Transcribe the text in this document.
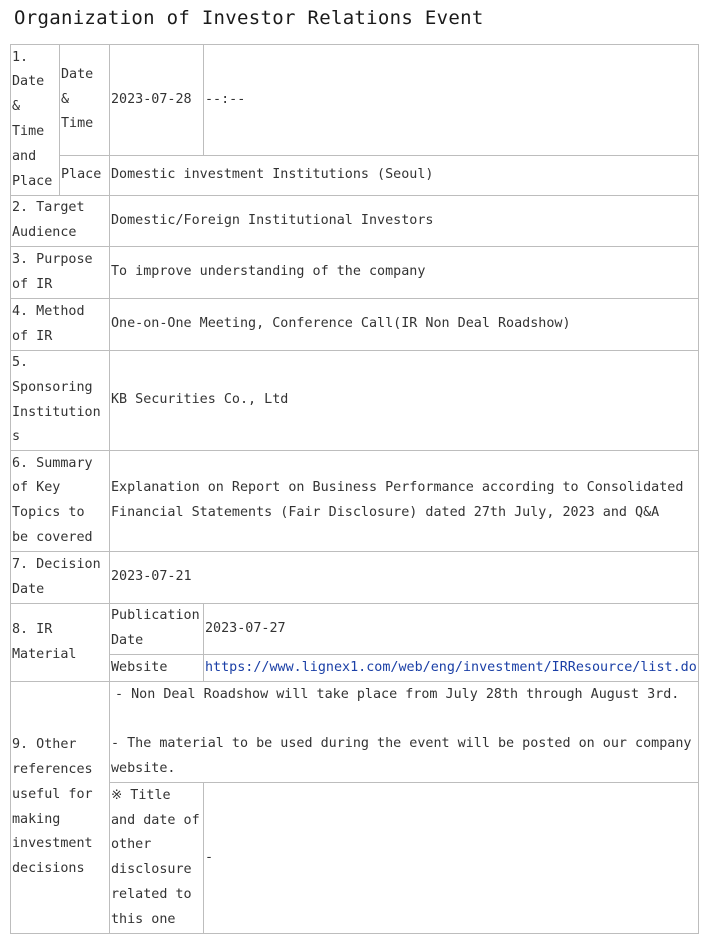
Organization of Investor Relations Event
1. Date & Time and Place	Date & Time	2023-07-28	--:--
	Place	Domestic investment Institutions (Seoul)	
2. Target Audience		Domestic/Foreign Institutional Investors	
3. Purpose of IR		To improve understanding of the company	
4. Method of IR		One-on-One Meeting, Conference Call(IR Non Deal Roadshow)	
5. Sponsoring Institutions		KB Securities Co., Ltd	
6. Summary of Key Topics to be covered		Explanation on Report on Business Performance according to Consolidated Financial Statements (Fair Disclosure) dated 27th July, 2023 and Q&A	
7. Decision Date		2023-07-21	
8. IR Material		Publication Date	2023-07-27
		Website	https://www.lignex1.com/web/eng/investment/IRResource/list.do
9. Other references useful for making investment decisions		- Non Deal Roadshow will take place from July 28th through August 3rd.
- The material to be used during the event will be posted on our company website.	

		※ Title and date of other disclosure related to this one	-
